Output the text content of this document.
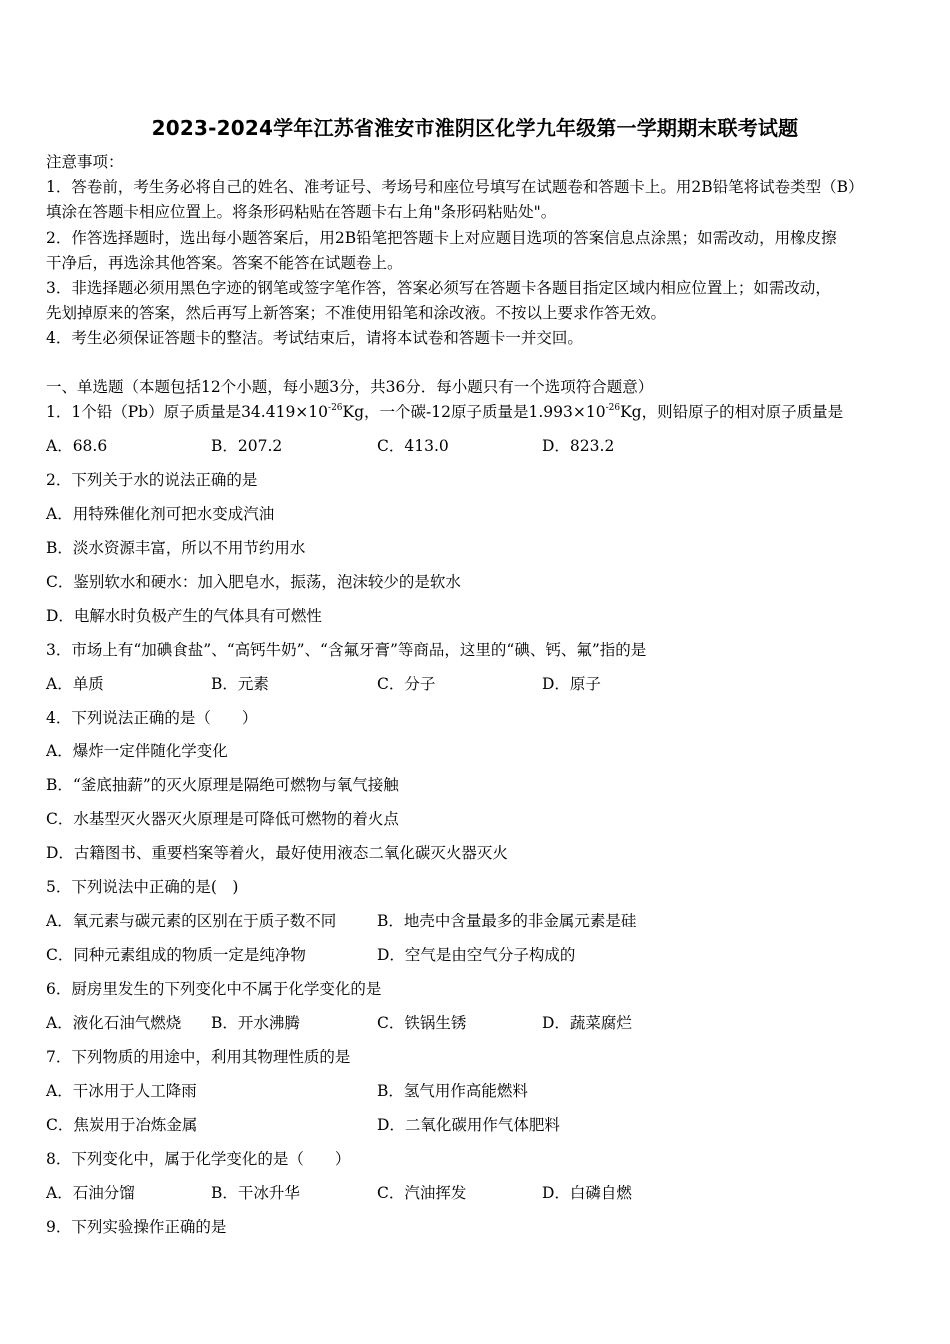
2023-2024学年江苏省淮安市淮阴区化学九年级第一学期期末联考试题
注意事项：
1．答卷前，考生务必将自己的姓名、准考证号、考场号和座位号填写在试题卷和答题卡上。用2B铅笔将试卷类型（B）
填涂在答题卡相应位置上。将条形码粘贴在答题卡右上角"条形码粘贴处"。
2．作答选择题时，选出每小题答案后，用2B铅笔把答题卡上对应题目选项的答案信息点涂黑；如需改动，用橡皮擦
干净后，再选涂其他答案。答案不能答在试题卷上。
3．非选择题必须用黑色字迹的钢笔或签字笔作答，答案必须写在答题卡各题目指定区域内相应位置上；如需改动，
先划掉原来的答案，然后再写上新答案；不准使用铅笔和涂改液。不按以上要求作答无效。
4．考生必须保证答题卡的整洁。考试结束后，请将本试卷和答题卡一并交回。
一、单选题（本题包括12个小题，每小题3分，共36分．每小题只有一个选项符合题意）
1．1个铅（Pb）原子质量是$34.419\times 10^{-26}Kg$，一个碳-12原子质量是$1.993\times 10^{-26}Kg$，则铅原子的相对原子质量是
A．68.6	B．207.2	C．413.0	D．823.2
2．下列关于水的说法正确的是
A．用特殊催化剂可把水变成汽油
B．淡水资源丰富，所以不用节约用水
C．鉴别软水和硬水：加入肥皂水，振荡，泡沫较少的是软水
D．电解水时负极产生的气体具有可燃性
3．市场上有“加碘食盐”、“高钙牛奶”、“含氟牙膏”等商品，这里的“碘、钙、氟”指的是
A．单质	B．元素	C．分子	D．原子
4．下列说法正确的是（　　）
A．爆炸一定伴随化学变化
B．“釜底抽薪”的灭火原理是隔绝可燃物与氧气接触
C．水基型灭火器灭火原理是可降低可燃物的着火点
D．古籍图书、重要档案等着火，最好使用液态二氧化碳灭火器灭火
5．下列说法中正确的是(　)
A．氧元素与碳元素的区别在于质子数不同	B．地壳中含量最多的非金属元素是硅
C．同种元素组成的物质一定是纯净物	D．空气是由空气分子构成的
6．厨房里发生的下列变化中不属于化学变化的是
A．液化石油气燃烧 B．开水沸腾	C．铁锅生锈	D．蔬菜腐烂
7．下列物质的用途中，利用其物理性质的是
A．干冰用于人工降雨	B．氢气用作高能燃料
C．焦炭用于冶炼金属	D．二氧化碳用作气体肥料
8．下列变化中，属于化学变化的是（　　）
A．石油分馏	B．干冰升华	C．汽油挥发	D．白磷自燃
9．下列实验操作正确的是
